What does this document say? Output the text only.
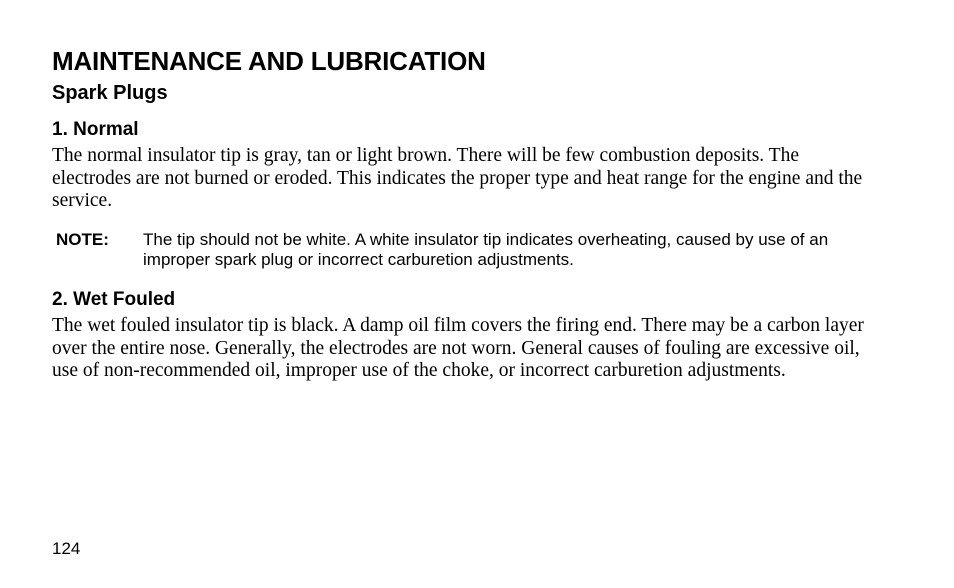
MAINTENANCE AND LUBRICATION
Spark Plugs
1. Normal

The normal insulator tip is gray, tan or light brown. There will be few combustion deposits. The electrodes are not burned or eroded. This indicates the proper type and heat range for the engine and the service.

NOTE: The tip should not be white. A white insulator tip indicates overheating, caused by use of an improper spark plug or incorrect carburetion adjustments.
2. Wet Fouled

The wet fouled insulator tip is black. A damp oil film covers the firing end. There may be a carbon layer over the entire nose. Generally, the electrodes are not worn. General causes of fouling are excessive oil, use of non-recommended oil, improper use of the choke, or incorrect carburetion adjustments.

124
